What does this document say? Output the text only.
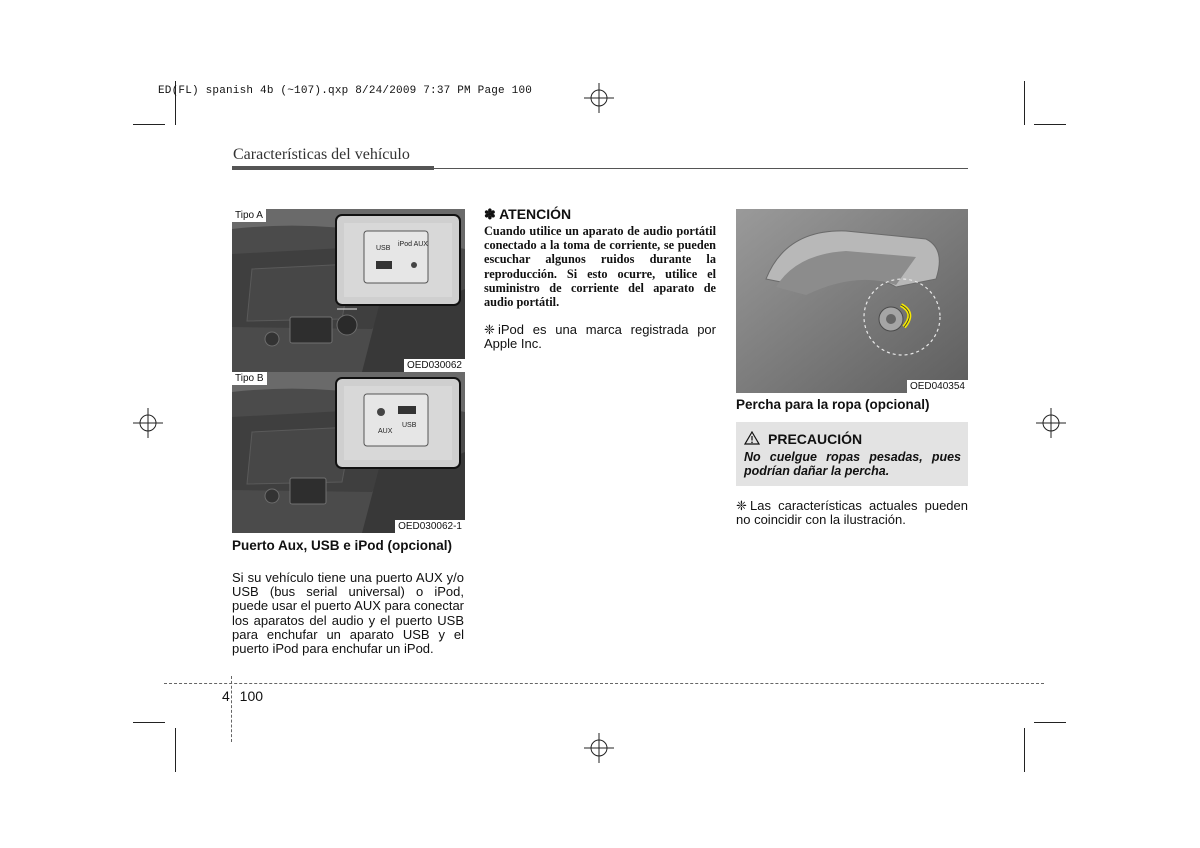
ED(FL) spanish 4b (~107).qxp 8/24/2009 7:37 PM Page 100
Características del vehículo
Tipo A
USB
iPod AUX
OED030062
Tipo B
AUX
USB
OED030062-1
Puerto Aux, USB e iPod (opcional)
Si su vehículo tiene una puerto AUX y/o USB (bus serial universal) o iPod, puede usar el puerto AUX para conectar los aparatos del audio y el puerto USB para enchufar un aparato USB y el puerto iPod para enchufar un iPod.
✽ ATENCIÓN
Cuando utilice un aparato de audio portátil conectado a la toma de corriente, se pueden escuchar algunos ruidos durante la reproducción. Si esto ocurre, utilice el suministro de corriente del aparato de audio portátil.
❈ iPod es una marca registrada por Apple Inc.
OED040354
Percha para la ropa (opcional)
PRECAUCIÓN
No cuelgue ropas pesadas, pues podrían dañar la percha.
❈ Las características actuales pueden no coincidir con la ilustración.
4 100
